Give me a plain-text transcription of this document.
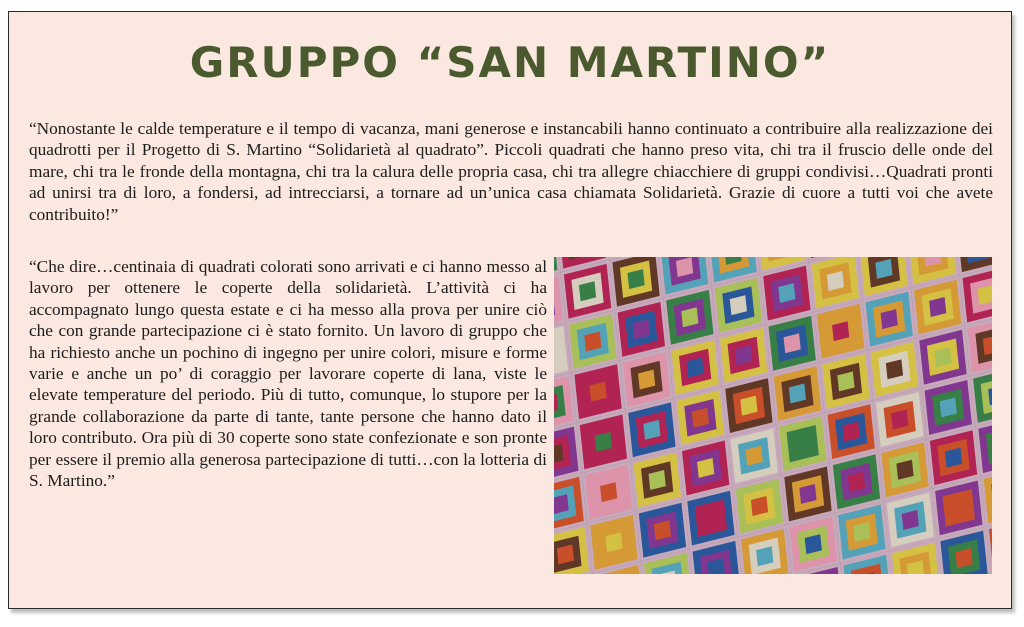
GRUPPO “SAN MARTINO”

“Nonostante le calde temperature e il tempo di vacanza, mani generose e instancabili hanno continuato a contribuire alla realizzazione dei quadrotti per il Progetto di S. Martino “Solidarietà al quadrato”. Piccoli quadrati che hanno preso vita, chi tra il fruscio delle onde del mare, chi tra le fronde della montagna, chi tra la calura delle propria casa, chi tra allegre chiacchiere di gruppi condivisi…Quadrati pronti ad unirsi tra di loro, a fondersi, ad intrecciarsi, a tornare ad un’unica casa chiamata Solidarietà. Grazie di cuore a tutti voi che avete contribuito!”

“Che dire…centinaia di quadrati colorati sono arrivati e ci hanno messo al lavoro per ottenere le coperte della solidarietà. L’attività ci ha accompagnato lungo questa estate e ci ha messo alla prova per unire ciò che con grande partecipazione ci è stato fornito. Un lavoro di gruppo che ha richiesto anche un pochino di ingegno per unire colori, misure e forme varie e anche un po’ di coraggio per lavorare coperte di lana, viste le elevate temperature del periodo. Più di tutto, comunque, lo stupore per la grande collaborazione da parte di tante, tante persone che hanno dato il loro contributo. Ora più di 30 coperte sono state confezionate e son pronte per essere il premio alla generosa partecipazione di tutti…con la lotteria di S. Martino.”
